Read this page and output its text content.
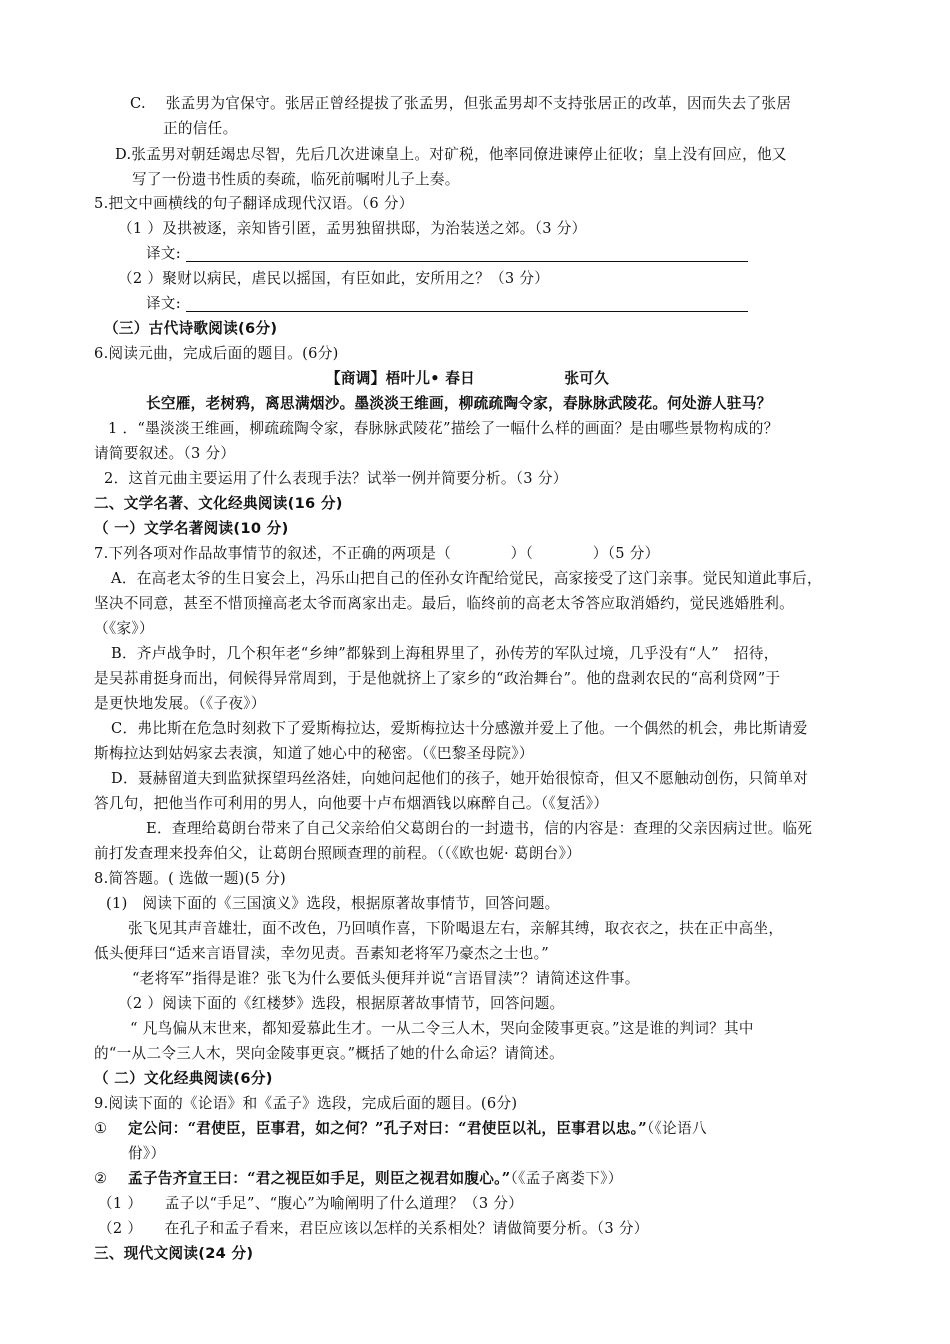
C.　 张孟男为官保守。张居正曾经提拔了张孟男，但张孟男却不支持张居正的改革，因而失去了张居
正的信任。
D.张孟男对朝廷竭忠尽智，先后几次进谏皇上。对矿税，他率同僚进谏停止征收；皇上没有回应，他又
写了一份遗书性质的奏疏，临死前嘱咐儿子上奏。
5.把文中画横线的句子翻译成现代汉语。（6 分）
（1 ）及拱被逐，亲知皆引匿，孟男独留拱邸，为治装送之郊。（3 分）
译文:
（2 ）聚财以病民，虐民以摇国，有臣如此，安所用之？（3 分）
译文:
（三）古代诗歌阅读(6分)
6.阅读元曲，完成后面的题目。(6分)
【商调】梧叶儿• 春日　　　　　　张可久
长空雁，老树鸦，离思满烟沙。墨淡淡王维画，柳疏疏陶令家，春脉脉武陵花。何处游人驻马？
1 ．“墨淡淡王维画，柳疏疏陶令家，春脉脉武陵花”描绘了一幅什么样的画面？是由哪些景物构成的？
请简要叙述。（3 分）
2．这首元曲主要运用了什么表现手法？试举一例并简要分析。（3 分）
二、文学名著、文化经典阅读(16 分)
（ 一）文学名著阅读(10 分)
7.下列各项对作品故事情节的叙述，不正确的两项是（　　　　）（　　　　）（5 分）
A．在高老太爷的生日宴会上，冯乐山把自己的侄孙女许配给觉民，高家接受了这门亲事。觉民知道此事后，
坚决不同意，甚至不惜顶撞高老太爷而离家出走。最后，临终前的高老太爷答应取消婚约，觉民逃婚胜利。
（《家》）
B．齐卢战争时，几个积年老“乡绅”都躲到上海租界里了，孙传芳的军队过境，几乎没有“人”　招待，
是吴荪甫挺身而出，伺候得异常周到，于是他就挤上了家乡的“政治舞台”。他的盘剥农民的“高利贷网”于
是更快地发展。（《子夜》）
C．弗比斯在危急时刻救下了爱斯梅拉达，爱斯梅拉达十分感激并爱上了他。一个偶然的机会，弗比斯请爱
斯梅拉达到姑妈家去表演，知道了她心中的秘密。（《巴黎圣母院》）
D．聂赫留道夫到监狱探望玛丝洛娃，向她问起他们的孩子，她开始很惊奇，但又不愿触动创伤，只简单对
答几句，把他当作可利用的男人，向他要十卢布烟酒钱以麻醉自己。（《复活》）
E．查理给葛朗台带来了自己父亲给伯父葛朗台的一封遗书，信的内容是：查理的父亲因病过世。临死
前打发查理来投奔伯父，让葛朗台照顾查理的前程。（（《欧也妮· 葛朗台》）
8.简答题。( 选做一题)(5 分)
(1)　阅读下面的《三国演义》选段，根据原著故事情节，回答问题。
张飞见其声音雄壮，面不改色，乃回嗔作喜，下阶喝退左右，亲解其缚，取衣衣之，扶在正中高坐，
低头便拜曰“适来言语冒渎，幸勿见责。吾素知老将军乃豪杰之士也。”
“老将军”指得是谁？张飞为什么要低头便拜并说“言语冒渎”？请简述这件事。
（2 ）阅读下面的《红楼梦》选段，根据原著故事情节，回答问题。
“ 凡鸟偏从末世来，都知爱慕此生才。一从二令三人木，哭向金陵事更哀。”这是谁的判词？其中
的“一从二令三人木，哭向金陵事更哀。”概括了她的什么命运？请简述。
（ 二）文化经典阅读(6分)
9.阅读下面的《论语》和《孟子》选段，完成后面的题目。(6分)
① 定公问：“君使臣，臣事君，如之何？”孔子对曰：“君使臣以礼，臣事君以忠。”（《论语八
佾》）
② 孟子告齐宣王曰：“君之视臣如手足，则臣之视君如腹心。”（《孟子离娄下》）
（1 ）　　孟子以“手足”、“腹心”为喻阐明了什么道理？（3 分）
（2 ）　　在孔子和孟子看来，君臣应该以怎样的关系相处？请做简要分析。（3 分）
三、现代文阅读(24 分)
